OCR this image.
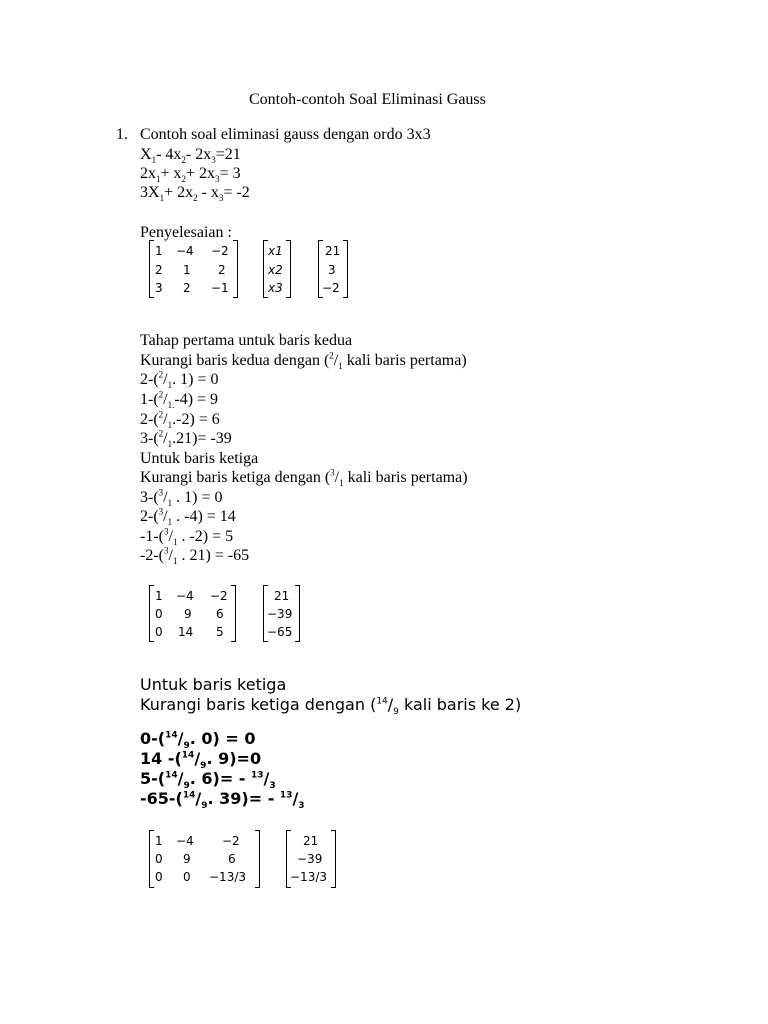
Contoh-contoh Soal Eliminasi Gauss
1. Contoh soal eliminasi gauss dengan ordo 3x3
$X_1-$ $4x_2-$ $2x_3=21$
$2x_1+ x_2+ 2x_3= 3$
$3X_1+ 2x_2 - x_3= -2$
Penyelesaian :
1 −4 −2
2 1 2
3 2 −1
x1
x2
x3
21
3
−2
Tahap pertama untuk baris kedua
Kurangi baris kedua dengan ($^2/_1$ kali baris pertama)
$2-(^2/_1$. 1) = 0
$1-(^2/_{1.}-4) = 9$
$2-(^2/_1.-2) = 6$
$3-(^2/_1.21)= -39$
Untuk baris ketiga
Kurangi baris ketiga dengan ($^3/_1$ kali baris pertama)
$3-(^3/_1$ . 1) = 0
$2-(^3/_1$ . -4) = 14
$-1-(^3/_1$ . -2) = 5
$-2-(^3/_1$ . 21) = -65
1 −4 −2
0 9 6
0 14 5
21
−39
−65
Untuk baris ketiga
Kurangi baris ketiga dengan ($^{14}/_9$ kali baris ke 2)
$0-(^{14}/_9$. 0) = 0
14 $-(^{14}/_9$. 9)=0
$5-(^{14}/_9$. $6)= - ^{13}/_3$
$-65-(^{14}/_9$. $39)= - ^{13}/_3$
1 −4 −2
0 9	6
0 0 −13/3
21
−39
−13/3
